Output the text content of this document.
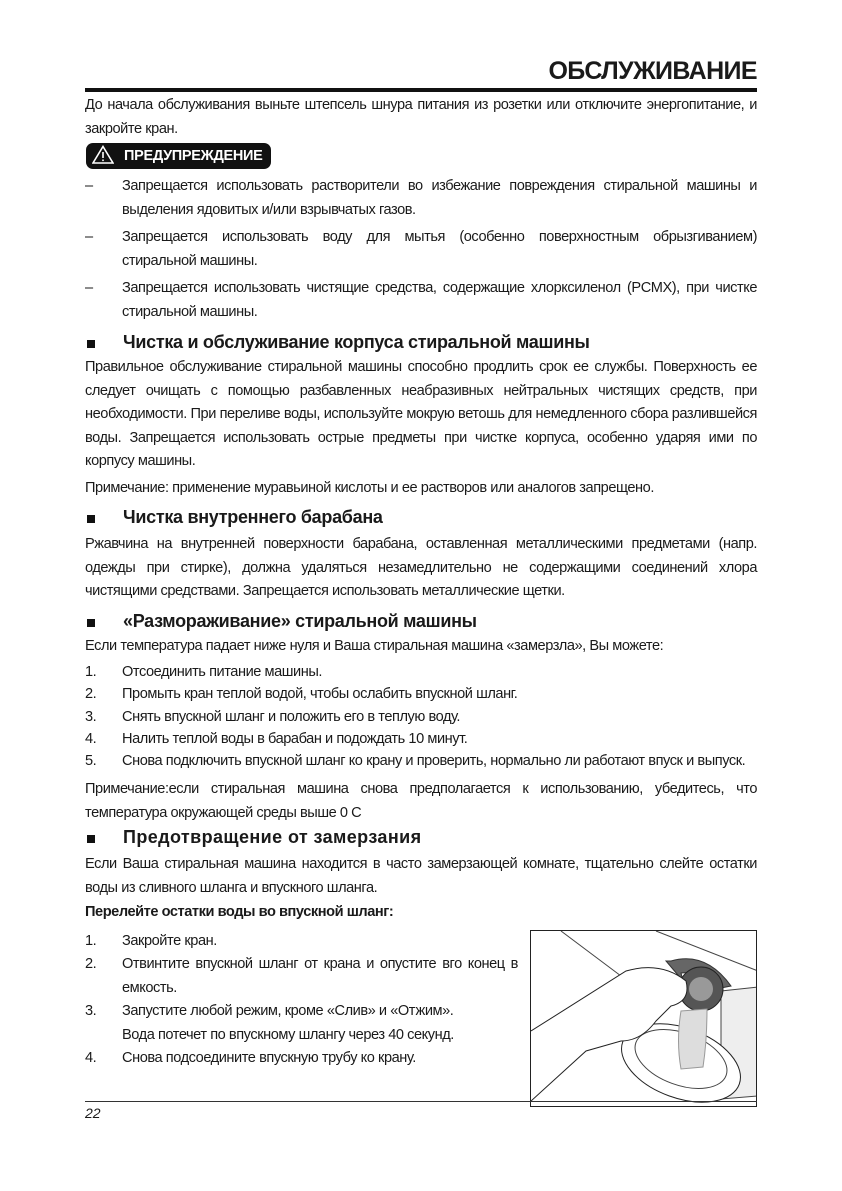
ОБСЛУЖИВАНИЕ
До начала обслуживания выньте штепсель шнура питания из розетки или отключите энергопитание, и закройте кран.
ПРЕДУПРЕЖДЕНИЕ
–	Запрещается использовать растворители во избежание повреждения стиральной машины и выделения ядовитых и/или взрывчатых газов.
–	Запрещается использовать воду для мытья (особенно поверхностным обрызгиванием) стиральной машины.
–	Запрещается использовать чистящие средства, содержащие хлорксиленол (PCMX), при чистке стиральной машины.
Чистка и обслуживание корпуса стиральной машины
Правильное обслуживание стиральной машины способно продлить срок ее службы. Поверхность ее следует очищать с помощью разбавленных неабразивных нейтральных чистящих средств, при необходимости. При переливе воды, используйте мокрую ветошь для немедленного сбора разлившейся воды. Запрещается использовать острые предметы при чистке корпуса, особенно ударяя ими по корпусу машины.
Примечание: применение муравьиной кислоты и ее растворов или аналогов запрещено.
Чистка внутреннего барабана
Ржавчина на внутренней поверхности барабана, оставленная металлическими предметами (напр. одежды при стирке), должна удаляться незамедлительно не содержащими соединений хлора чистящими средствами. Запрещается использовать металлические щетки.
«Размораживание» стиральной машины
Если температура падает ниже нуля и Ваша стиральная машина «замерзла», Вы можете:
1.	Отсоединить питание машины.
2.	Промыть кран теплой водой, чтобы ослабить впускной шланг.
3.	Снять впускной шланг и положить его в теплую воду.
4.	Налить теплой воды в барабан и подождать 10 минут.
5.	Снова подключить впускной шланг ко крану и проверить, нормально ли работают впуск и выпуск.
Примечание:если стиральная машина снова предполагается к использованию, убедитесь, что температура окружающей среды выше 0 С
Предотвращение от замерзания
Если Ваша стиральная машина находится в часто замерзающей комнате, тщательно слейте остатки воды из сливного шланга и впускного шланга.
Перелейте остатки воды во впускной шланг:
1.	Закройте кран.
2.	Отвинтите впускной шланг от крана и опустите вго конец в емкость.
3.	Запустите любой режим, кроме «Слив» и «Отжим».
Вода потечет по впускному шлангу через 40 секунд.
4.	Снова подсоедините впускную трубу ко крану.
22
